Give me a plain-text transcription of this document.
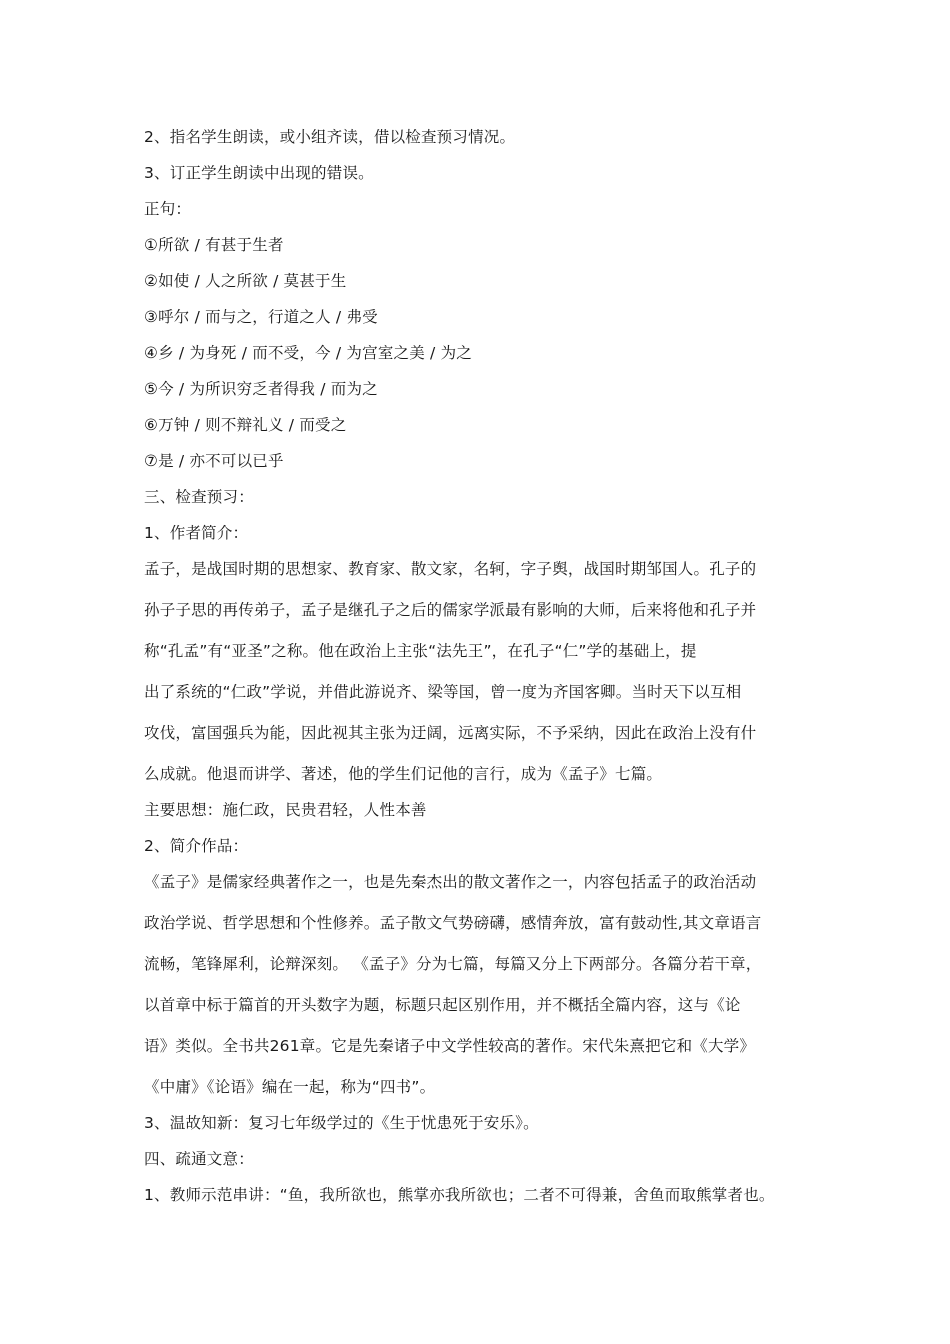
2、指名学生朗读，或小组齐读，借以检查预习情况。
3、订正学生朗读中出现的错误。
正句：
①所欲 / 有甚于生者
②如使 / 人之所欲 / 莫甚于生
③呼尔 / 而与之，行道之人 / 弗受
④乡 / 为身死 / 而不受，今 / 为宫室之美 / 为之
⑤今 / 为所识穷乏者得我 / 而为之
⑥万钟 / 则不辩礼义 / 而受之
⑦是 / 亦不可以已乎
三、检查预习：
1、作者简介：
孟子，是战国时期的思想家、教育家、散文家，名轲，字子舆，战国时期邹国人。孔子的
孙子子思的再传弟子，孟子是继孔子之后的儒家学派最有影响的大师，后来将他和孔子并
称“孔孟”有“亚圣”之称。他在政治上主张“法先王”，在孔子“仁”学的基础上，提
出了系统的“仁政”学说，并借此游说齐、梁等国，曾一度为齐国客卿。当时天下以互相
攻伐，富国强兵为能，因此视其主张为迂阔，远离实际，不予采纳，因此在政治上没有什
么成就。他退而讲学、著述，他的学生们记他的言行，成为《孟子》七篇。
主要思想：施仁政，民贵君轻，人性本善
2、简介作品：
《孟子》是儒家经典著作之一，也是先秦杰出的散文著作之一，内容包括孟子的政治活动
政治学说、哲学思想和个性修养。孟子散文气势磅礴，感情奔放，富有鼓动性,其文章语言
流畅，笔锋犀利，论辩深刻。 《孟子》分为七篇，每篇又分上下两部分。各篇分若干章，
以首章中标于篇首的开头数字为题，标题只起区别作用，并不概括全篇内容，这与《论
语》类似。全书共261章。它是先秦诸子中文学性较高的著作。宋代朱熹把它和《大学》
《中庸》《论语》编在一起，称为“四书”。
3、温故知新：复习七年级学过的《生于忧患死于安乐》。
四、疏通文意：
1、教师示范串讲：“鱼，我所欲也，熊掌亦我所欲也；二者不可得兼，舍鱼而取熊掌者也。
